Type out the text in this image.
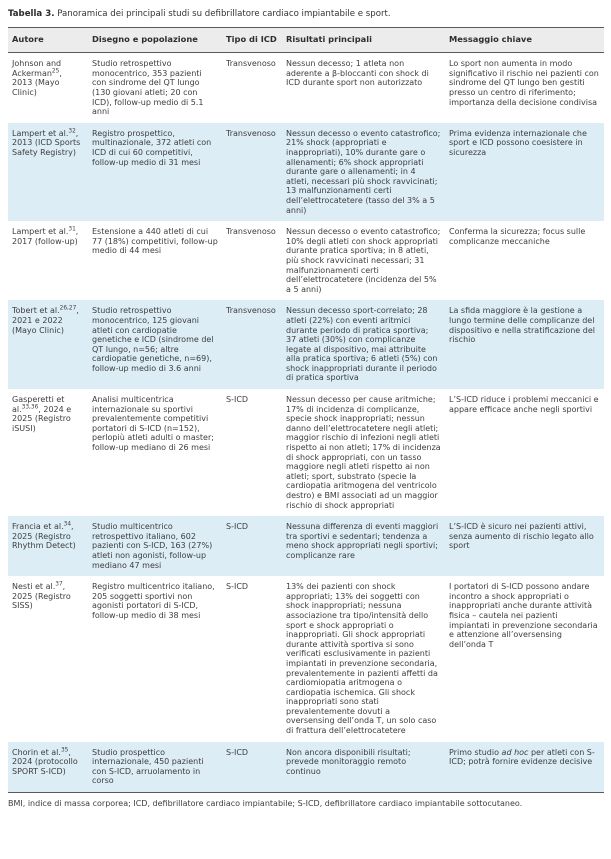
Tabella 3. Panoramica dei principali studi su defibrillatore cardiaco impiantabile e sport.

Autore	Disegno e popolazione	Tipo di ICD	Risultati principali	Messaggio chiave
Johnson and Ackerman$^{25}$, 2013 (Mayo Clinic)	Studio retrospettivo monocentrico, 353 pazienti con sindrome del QT lungo (130 giovani atleti; 20 con ICD), follow-up medio di 5.1 anni	Transvenoso	Nessun decesso; 1 atleta non aderente a β-bloccanti con shock di ICD durante sport non autorizzato	Lo sport non aumenta in modo significativo il rischio nei pazienti con sindrome del QT lungo ben gestiti presso un centro di riferimento; importanza della decisione condivisa
Lampert et al.$^{32}$, 2013 (ICD Sports Safety Registry)	Registro prospettico, multinazionale, 372 atleti con ICD di cui 60 competitivi, follow-up medio di 31 mesi	Transvenoso	Nessun decesso o evento catastrofico; 21% shock (appropriati e inappropriati), 10% durante gare o allenamenti; 6% shock appropriati durante gare o allenamenti; in 4 atleti, necessari più shock ravvicinati; 13 malfunzionamenti certi dell’elettrocatetere (tasso del 3% a 5 anni)	Prima evidenza internazionale che sport e ICD possono coesistere in sicurezza
Lampert et al.$^{31}$, 2017 (follow-up)	Estensione a 440 atleti di cui 77 (18%) competitivi, follow-up medio di 44 mesi	Transvenoso	Nessun decesso o evento catastrofico; 10% degli atleti con shock appropriati durante pratica sportiva; in 8 atleti, più shock ravvicinati necessari; 31 malfunzionamenti certi dell’elettrocatetere (incidenza del 5% a 5 anni)	Conferma la sicurezza; focus sulle complicanze meccaniche
Tobert et al.$^{26,27}$, 2021 e 2022 (Mayo Clinic)	Studio retrospettivo monocentrico, 125 giovani atleti con cardiopatie genetiche e ICD (sindrome del QT lungo, n=56; altre cardiopatie genetiche, n=69), follow-up medio di 3.6 anni	Transvenoso	Nessun decesso sport-correlato; 28 atleti (22%) con eventi aritmici durante periodo di pratica sportiva; 37 atleti (30%) con complicanze legate al dispositivo, mai attribuite alla pratica sportiva; 6 atleti (5%) con shock inappropriati durante il periodo di pratica sportiva	La sfida maggiore è la gestione a lungo termine delle complicanze del dispositivo e nella stratificazione del rischio
Gasperetti et al.$^{33,36}$, 2024 e 2025 (Registro iSUSI)	Analisi multicentrica internazionale su sportivi prevalentemente competitivi portatori di S-ICD (n=152), perlopiù atleti adulti o master; follow-up mediano di 26 mesi	S-ICD	Nessun decesso per cause aritmiche; 17% di incidenza di complicanze, specie shock inappropriati; nessun danno dell’elettrocatetere negli atleti; maggior rischio di infezioni negli atleti rispetto ai non atleti; 17% di incidenza di shock appropriati, con un tasso maggiore negli atleti rispetto ai non atleti; sport, substrato (specie la cardiopatia aritmogena del ventricolo destro) e BMI associati ad un maggior rischio di shock appropriati	L’S-ICD riduce i problemi meccanici e appare efficace anche negli sportivi
Francia et al.$^{34}$, 2025 (Registro Rhythm Detect)	Studio multicentrico retrospettivo italiano, 602 pazienti con S-ICD, 163 (27%) atleti non agonisti, follow-up mediano 47 mesi	S-ICD	Nessuna differenza di eventi maggiori tra sportivi e sedentari; tendenza a meno shock appropriati negli sportivi; complicanze rare	L’S-ICD è sicuro nei pazienti attivi, senza aumento di rischio legato allo sport
Nesti et al.$^{37}$, 2025 (Registro SISS)	Registro multicentrico italiano, 205 soggetti sportivi non agonisti portatori di S-ICD, follow-up medio di 38 mesi	S-ICD	13% dei pazienti con shock appropriati; 13% dei soggetti con shock inappropriati; nessuna associazione tra tipo/intensità dello sport e shock appropriati o inappropriati. Gli shock appropriati durante attività sportiva si sono verificati esclusivamente in pazienti impiantati in prevenzione secondaria, prevalentemente in pazienti affetti da cardiomiopatia aritmogena o cardiopatia ischemica. Gli shock inappropriati sono stati prevalentemente dovuti a oversensing dell’onda T, un solo caso di frattura dell’elettrocatetere	I portatori di S-ICD possono andare incontro a shock appropriati o inappropriati anche durante attività fisica – cautela nei pazienti impiantati in prevenzione secondaria e attenzione all’oversensing dell’onda T
Chorin et al.$^{35}$, 2024 (protocollo SPORT S-ICD)	Studio prospettico internazionale, 450 pazienti con S-ICD, arruolamento in corso	S-ICD	Non ancora disponibili risultati; prevede monitoraggio remoto continuo	Primo studio ad hoc per atleti con S-ICD; potrà fornire evidenze decisive

BMI, indice di massa corporea; ICD, defibrillatore cardiaco impiantabile; S-ICD, defibrillatore cardiaco impiantabile sottocutaneo.
